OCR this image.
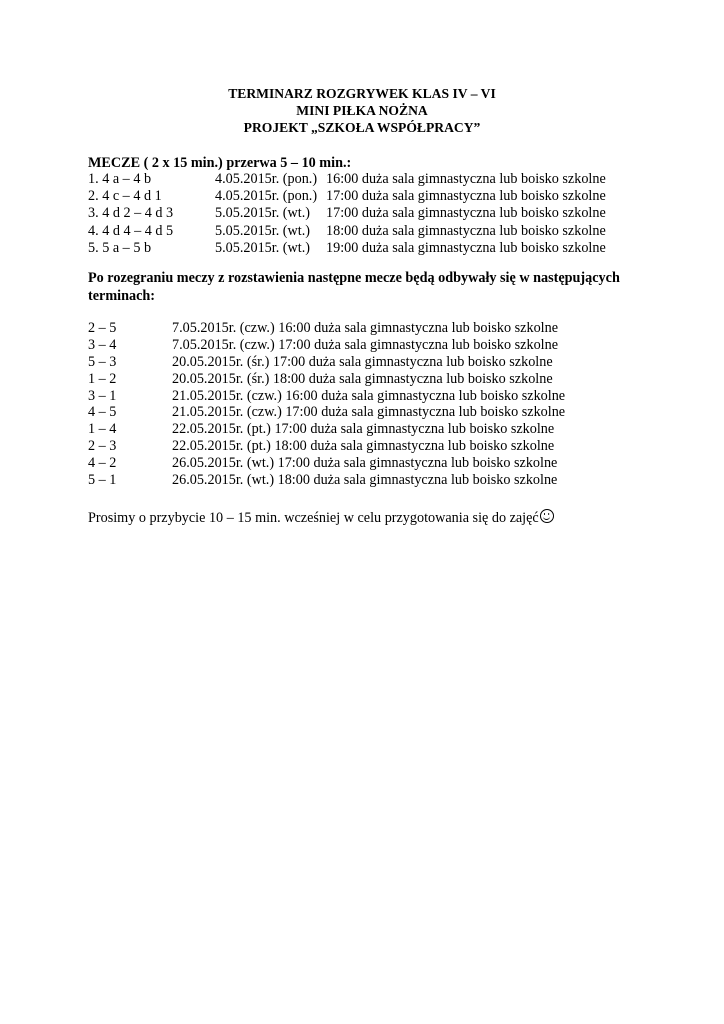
TERMINARZ ROZGRYWEK KLAS IV – VI
MINI PIŁKA NOŻNA
PROJEKT „SZKOŁA WSPÓŁPRACY”
MECZE ( 2 x 15 min.) przerwa 5 – 10 min.:
1. 4 a – 4 b	4.05.2015r. (pon.) 16:00 duża sala gimnastyczna lub boisko szkolne
2. 4 c – 4 d 1	4.05.2015r. (pon.) 17:00 duża sala gimnastyczna lub boisko szkolne
3. 4 d 2 – 4 d 3	5.05.2015r. (wt.) 17:00 duża sala gimnastyczna lub boisko szkolne
4. 4 d 4 – 4 d 5	5.05.2015r. (wt.) 18:00 duża sala gimnastyczna lub boisko szkolne
5. 5 a – 5 b	5.05.2015r. (wt.) 19:00 duża sala gimnastyczna lub boisko szkolne
Po rozegraniu meczy z rozstawienia następne mecze będą odbywały się w następujących terminach:
2 – 5	7.05.2015r. (czw.) 16:00 duża sala gimnastyczna lub boisko szkolne
3 – 4	7.05.2015r. (czw.) 17:00 duża sala gimnastyczna lub boisko szkolne
5 – 3	20.05.2015r. (śr.) 17:00 duża sala gimnastyczna lub boisko szkolne
1 – 2	20.05.2015r. (śr.) 18:00 duża sala gimnastyczna lub boisko szkolne
3 – 1	21.05.2015r. (czw.) 16:00 duża sala gimnastyczna lub boisko szkolne
4 – 5	21.05.2015r. (czw.) 17:00 duża sala gimnastyczna lub boisko szkolne
1 – 4	22.05.2015r. (pt.) 17:00 duża sala gimnastyczna lub boisko szkolne
2 – 3	22.05.2015r. (pt.) 18:00 duża sala gimnastyczna lub boisko szkolne
4 – 2	26.05.2015r. (wt.) 17:00 duża sala gimnastyczna lub boisko szkolne
5 – 1	26.05.2015r. (wt.) 18:00 duża sala gimnastyczna lub boisko szkolne
Prosimy o przybycie 10 – 15 min. wcześniej w celu przygotowania się do zajęć
